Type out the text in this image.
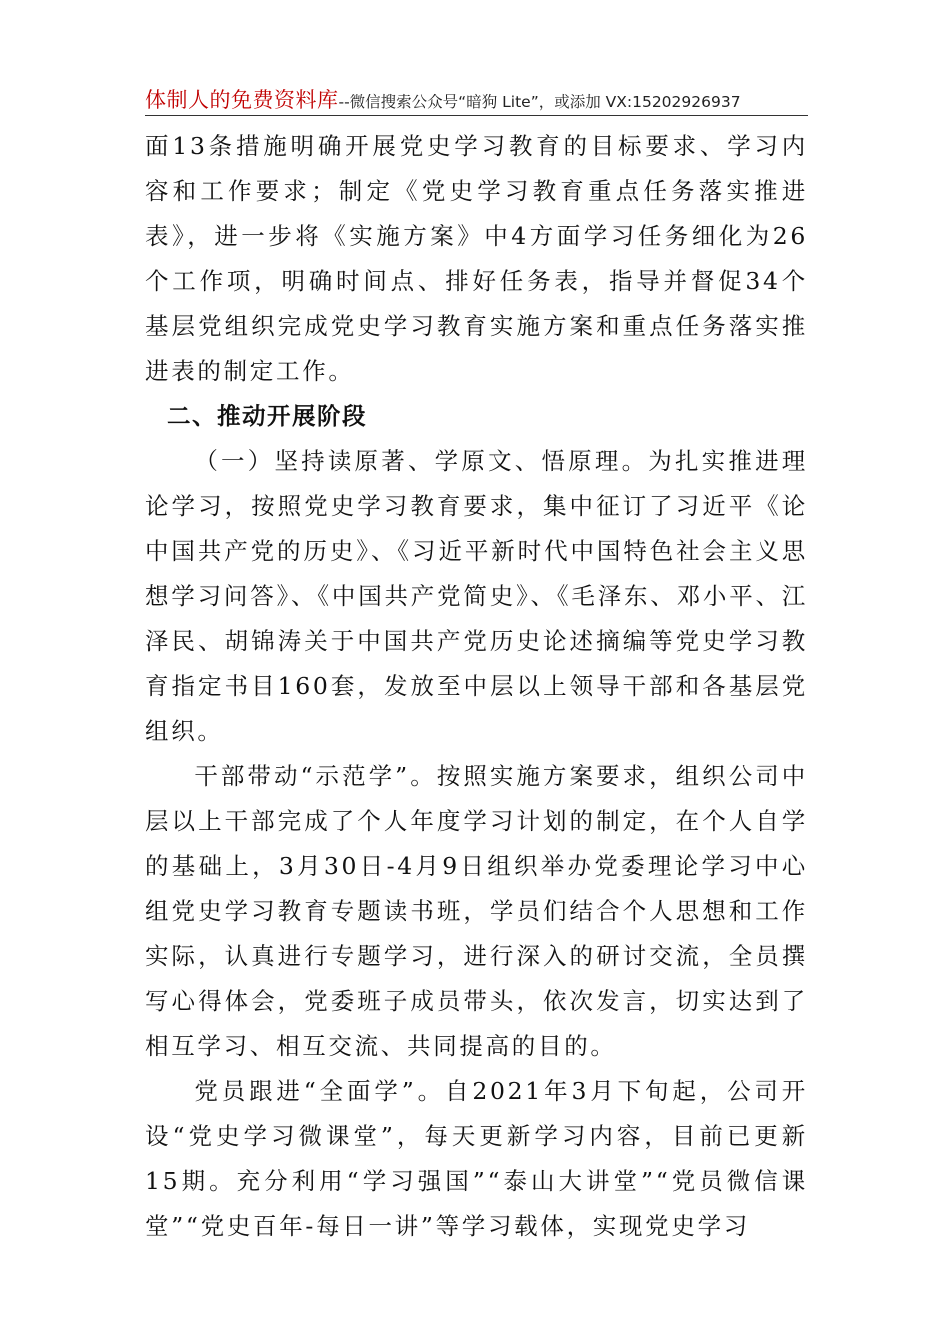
体制人的免费资料库--微信搜索公众号“暗狗 Lite”，或添加 VX:15202926937

面13条措施明确开展党史学习教育的目标要求、学习内容和工作要求；制定《党史学习教育重点任务落实推进表》，进一步将《实施方案》中4方面学习任务细化为26个工作项，明确时间点、排好任务表，指导并督促34个基层党组织完成党史学习教育实施方案和重点任务落实推进表的制定工作。

二、推动开展阶段

（一）坚持读原著、学原文、悟原理。为扎实推进理论学习，按照党史学习教育要求，集中征订了习近平《论中国共产党的历史》、《习近平新时代中国特色社会主义思想学习问答》、《中国共产党简史》、《毛泽东、邓小平、江泽民、胡锦涛关于中国共产党历史论述摘编等党史学习教育指定书目160套，发放至中层以上领导干部和各基层党组织。

干部带动“示范学”。按照实施方案要求，组织公司中层以上干部完成了个人年度学习计划的制定，在个人自学的基础上，3月30日-4月9日组织举办党委理论学习中心组党史学习教育专题读书班，学员们结合个人思想和工作实际，认真进行专题学习，进行深入的研讨交流，全员撰写心得体会，党委班子成员带头，依次发言，切实达到了相互学习、相互交流、共同提高的目的。

党员跟进“全面学”。自2021年3月下旬起，公司开设“党史学习微课堂”，每天更新学习内容，目前已更新15期。充分利用“学习强国”“泰山大讲堂”“党员微信课堂”“党史百年-每日一讲”等学习载体，实现党史学习
